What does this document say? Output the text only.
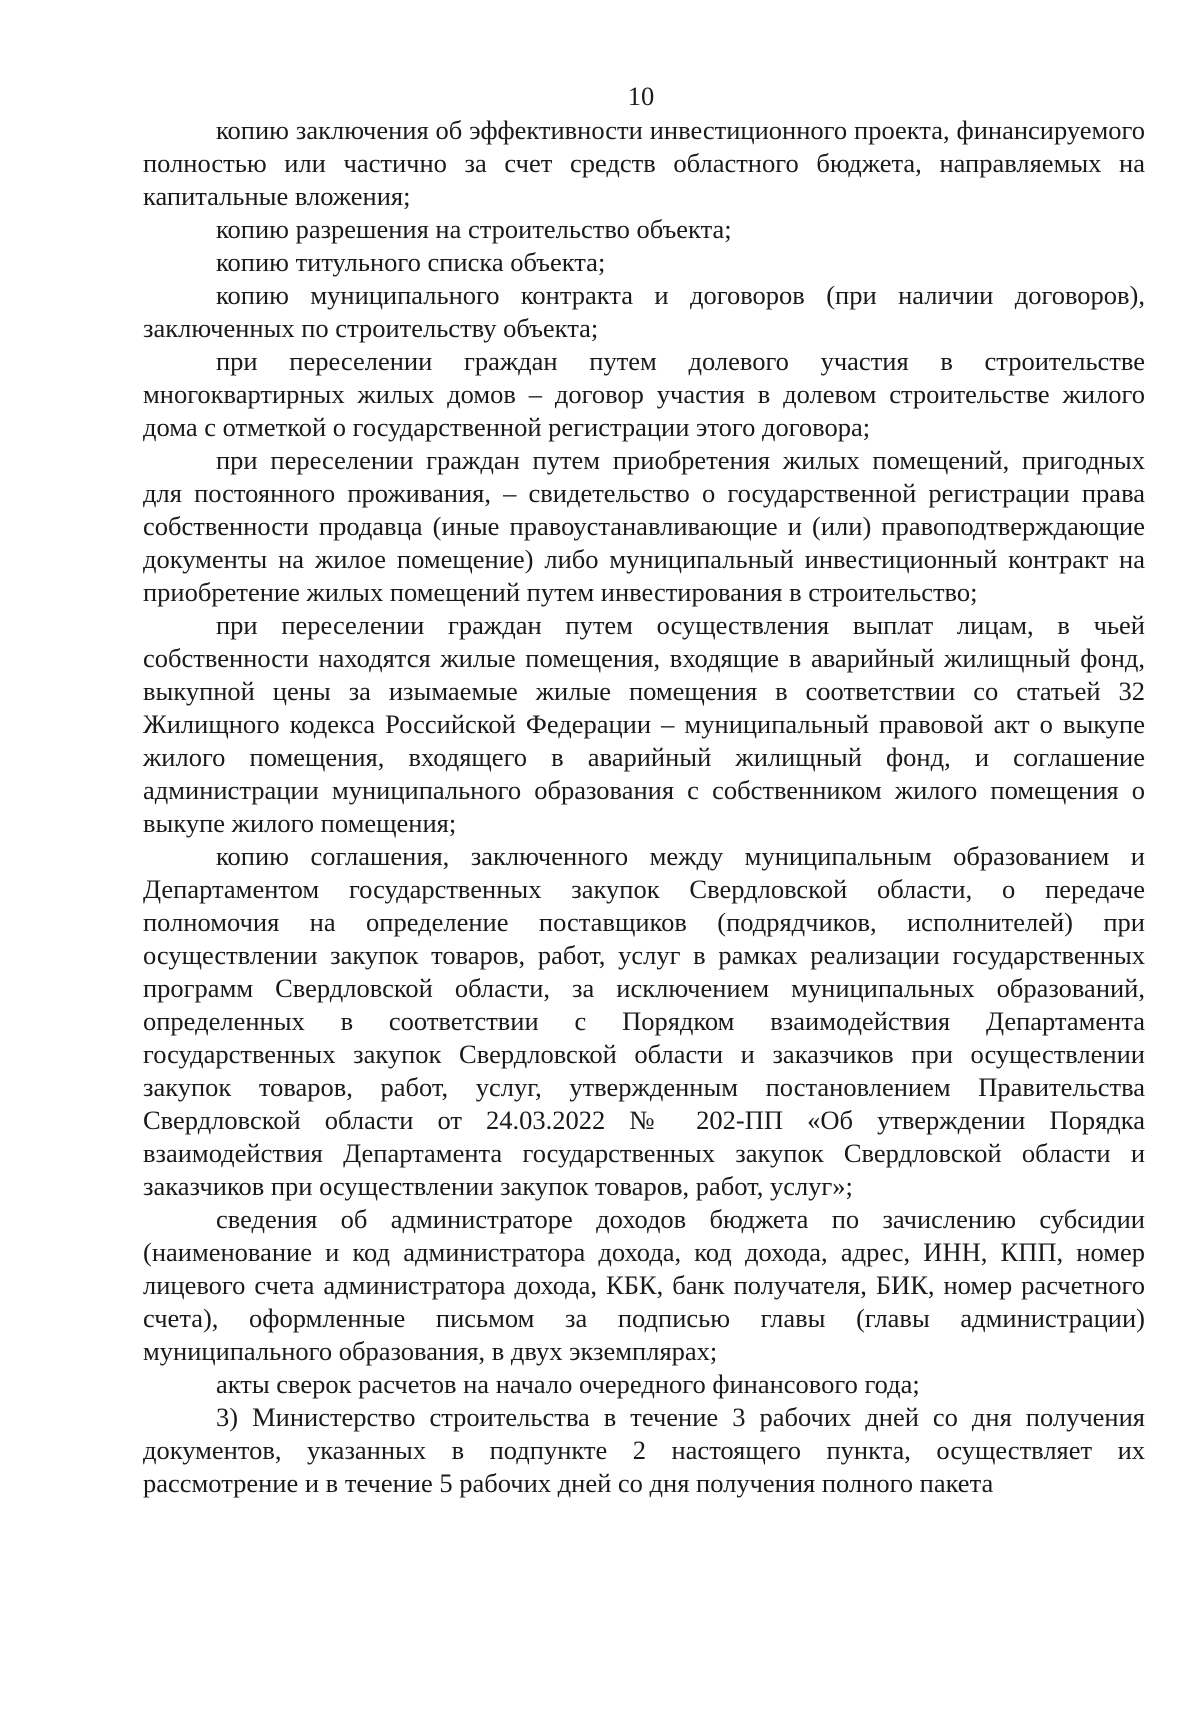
10

копию заключения об эффективности инвестиционного проекта, финансируемого полностью или частично за счет средств областного бюджета, направляемых на капитальные вложения;

копию разрешения на строительство объекта;

копию титульного списка объекта;

копию муниципального контракта и договоров (при наличии договоров), заключенных по строительству объекта;

при переселении граждан путем долевого участия в строительстве многоквартирных жилых домов – договор участия в долевом строительстве жилого дома с отметкой о государственной регистрации этого договора;

при переселении граждан путем приобретения жилых помещений, пригодных для постоянного проживания, – свидетельство о государственной регистрации права собственности продавца (иные правоустанавливающие и (или) правоподтверждающие документы на жилое помещение) либо муниципальный инвестиционный контракт на приобретение жилых помещений путем инвестирования в строительство;

при переселении граждан путем осуществления выплат лицам, в чьей собственности находятся жилые помещения, входящие в аварийный жилищный фонд, выкупной цены за изымаемые жилые помещения в соответствии со статьей 32 Жилищного кодекса Российской Федерации – муниципальный правовой акт о выкупе жилого помещения, входящего в аварийный жилищный фонд, и соглашение администрации муниципального образования с собственником жилого помещения о выкупе жилого помещения;

копию соглашения, заключенного между муниципальным образованием и Департаментом государственных закупок Свердловской области, о передаче полномочия на определение поставщиков (подрядчиков, исполнителей) при осуществлении закупок товаров, работ, услуг в рамках реализации государственных программ Свердловской области, за исключением муниципальных образований, определенных в соответствии с Порядком взаимодействия Департамента государственных закупок Свердловской области и заказчиков при осуществлении закупок товаров, работ, услуг, утвержденным постановлением Правительства Свердловской области от 24.03.2022 № 202-ПП «Об утверждении Порядка взаимодействия Департамента государственных закупок Свердловской области и заказчиков при осуществлении закупок товаров, работ, услуг»;

сведения об администраторе доходов бюджета по зачислению субсидии (наименование и код администратора дохода, код дохода, адрес, ИНН, КПП, номер лицевого счета администратора дохода, КБК, банк получателя, БИК, номер расчетного счета), оформленные письмом за подписью главы (главы администрации) муниципального образования, в двух экземплярах;

акты сверок расчетов на начало очередного финансового года;

3) Министерство строительства в течение 3 рабочих дней со дня получения документов, указанных в подпункте 2 настоящего пункта, осуществляет их рассмотрение и в течение 5 рабочих дней со дня получения полного пакета
